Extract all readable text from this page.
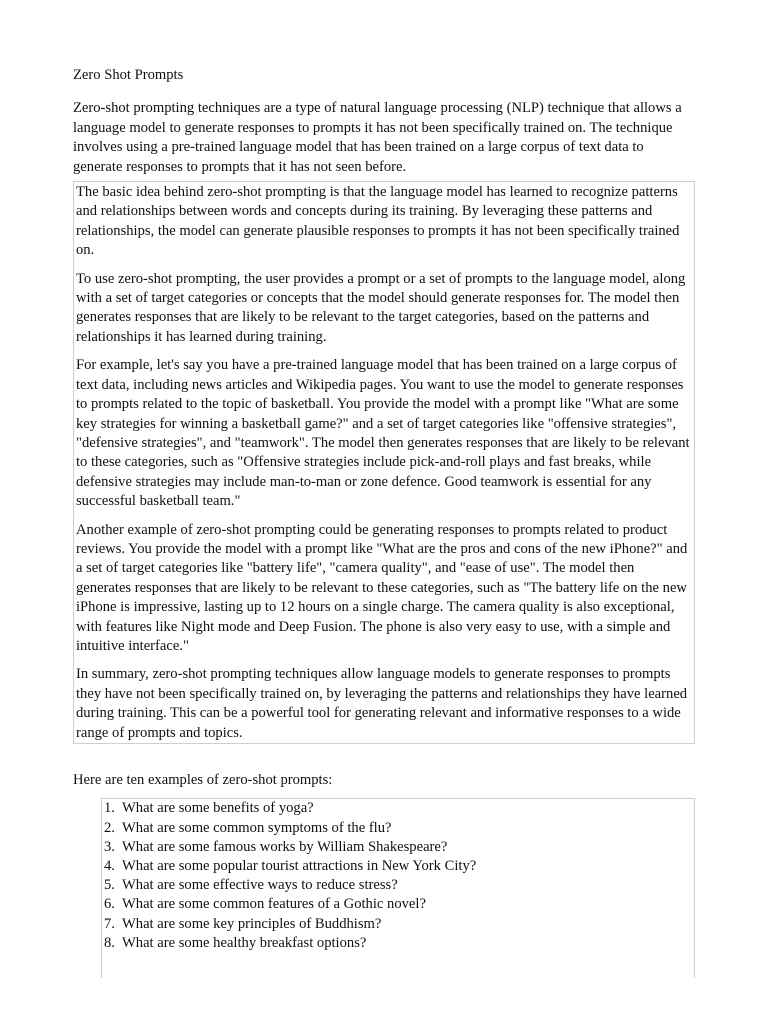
Zero Shot Prompts

Zero-shot prompting techniques are a type of natural language processing (NLP) technique that allows a language model to generate responses to prompts it has not been specifically trained on. The technique involves using a pre-trained language model that has been trained on a large corpus of text data to generate responses to prompts that it has not seen before.

The basic idea behind zero-shot prompting is that the language model has learned to recognize patterns and relationships between words and concepts during its training. By leveraging these patterns and relationships, the model can generate plausible responses to prompts it has not been specifically trained on.

To use zero-shot prompting, the user provides a prompt or a set of prompts to the language model, along with a set of target categories or concepts that the model should generate responses for. The model then generates responses that are likely to be relevant to the target categories, based on the patterns and relationships it has learned during training.

For example, let's say you have a pre-trained language model that has been trained on a large corpus of text data, including news articles and Wikipedia pages. You want to use the model to generate responses to prompts related to the topic of basketball. You provide the model with a prompt like "What are some key strategies for winning a basketball game?" and a set of target categories like "offensive strategies", "defensive strategies", and "teamwork". The model then generates responses that are likely to be relevant to these categories, such as "Offensive strategies include pick-and-roll plays and fast breaks, while defensive strategies may include man-to-man or zone defence. Good teamwork is essential for any successful basketball team."

Another example of zero-shot prompting could be generating responses to prompts related to product reviews. You provide the model with a prompt like "What are the pros and cons of the new iPhone?" and a set of target categories like "battery life", "camera quality", and "ease of use". The model then generates responses that are likely to be relevant to these categories, such as "The battery life on the new iPhone is impressive, lasting up to 12 hours on a single charge. The camera quality is also exceptional, with features like Night mode and Deep Fusion. The phone is also very easy to use, with a simple and intuitive interface."

In summary, zero-shot prompting techniques allow language models to generate responses to prompts they have not been specifically trained on, by leveraging the patterns and relationships they have learned during training. This can be a powerful tool for generating relevant and informative responses to a wide range of prompts and topics.

Here are ten examples of zero-shot prompts:
1. What are some benefits of yoga?
2. What are some common symptoms of the flu?
3. What are some famous works by William Shakespeare?
4. What are some popular tourist attractions in New York City?
5. What are some effective ways to reduce stress?
6. What are some common features of a Gothic novel?
7. What are some key principles of Buddhism?
8. What are some healthy breakfast options?
